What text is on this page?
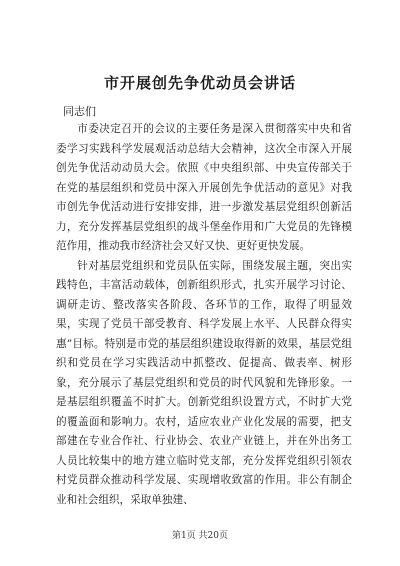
市开展创先争优动员会讲话
同志们

市委决定召开的会议的主要任务是深入贯彻落实中央和省委学习实践科学发展观活动总结大会精神，这次全市深入开展创先争优活动动员大会。依照《中央组织部、中央宣传部关于在党的基层组织和党员中深入开展创先争优活动的意见》对我市创先争优活动进行安排安排，进一步激发基层党组织创新活力，充分发挥基层党组织的战斗堡垒作用和广大党员的先锋模范作用，推动我市经济社会又好又快、更好更快发展。

针对基层党组织和党员队伍实际，围绕发展主题，突出实践特色，丰富活动载体，创新组织形式，扎实开展学习讨论、调研走访、整改落实各阶段、各环节的工作，取得了明显效果，实现了党员干部受教育、科学发展上水平、人民群众得实惠”目标。特别是市党的基层组织建设取得新的效果，基层党组织和党员在学习实践活动中抓整改、促提高、做表率、树形象，充分展示了基层党组织和党员的时代风貌和先锋形象。一是基层组织覆盖不时扩大。创新党组织设置方式，不时扩大党的覆盖面和影响力。农村，适应农业产业化发展的需要，把支部建在专业合作社、行业协会、农业产业链上，并在外出务工人员比较集中的地方建立临时党支部，充分发挥党组织引领农村党员群众推动科学发展、实现增收致富的作用。非公有制企业和社会组织，采取单独建、

第1页 共20页
